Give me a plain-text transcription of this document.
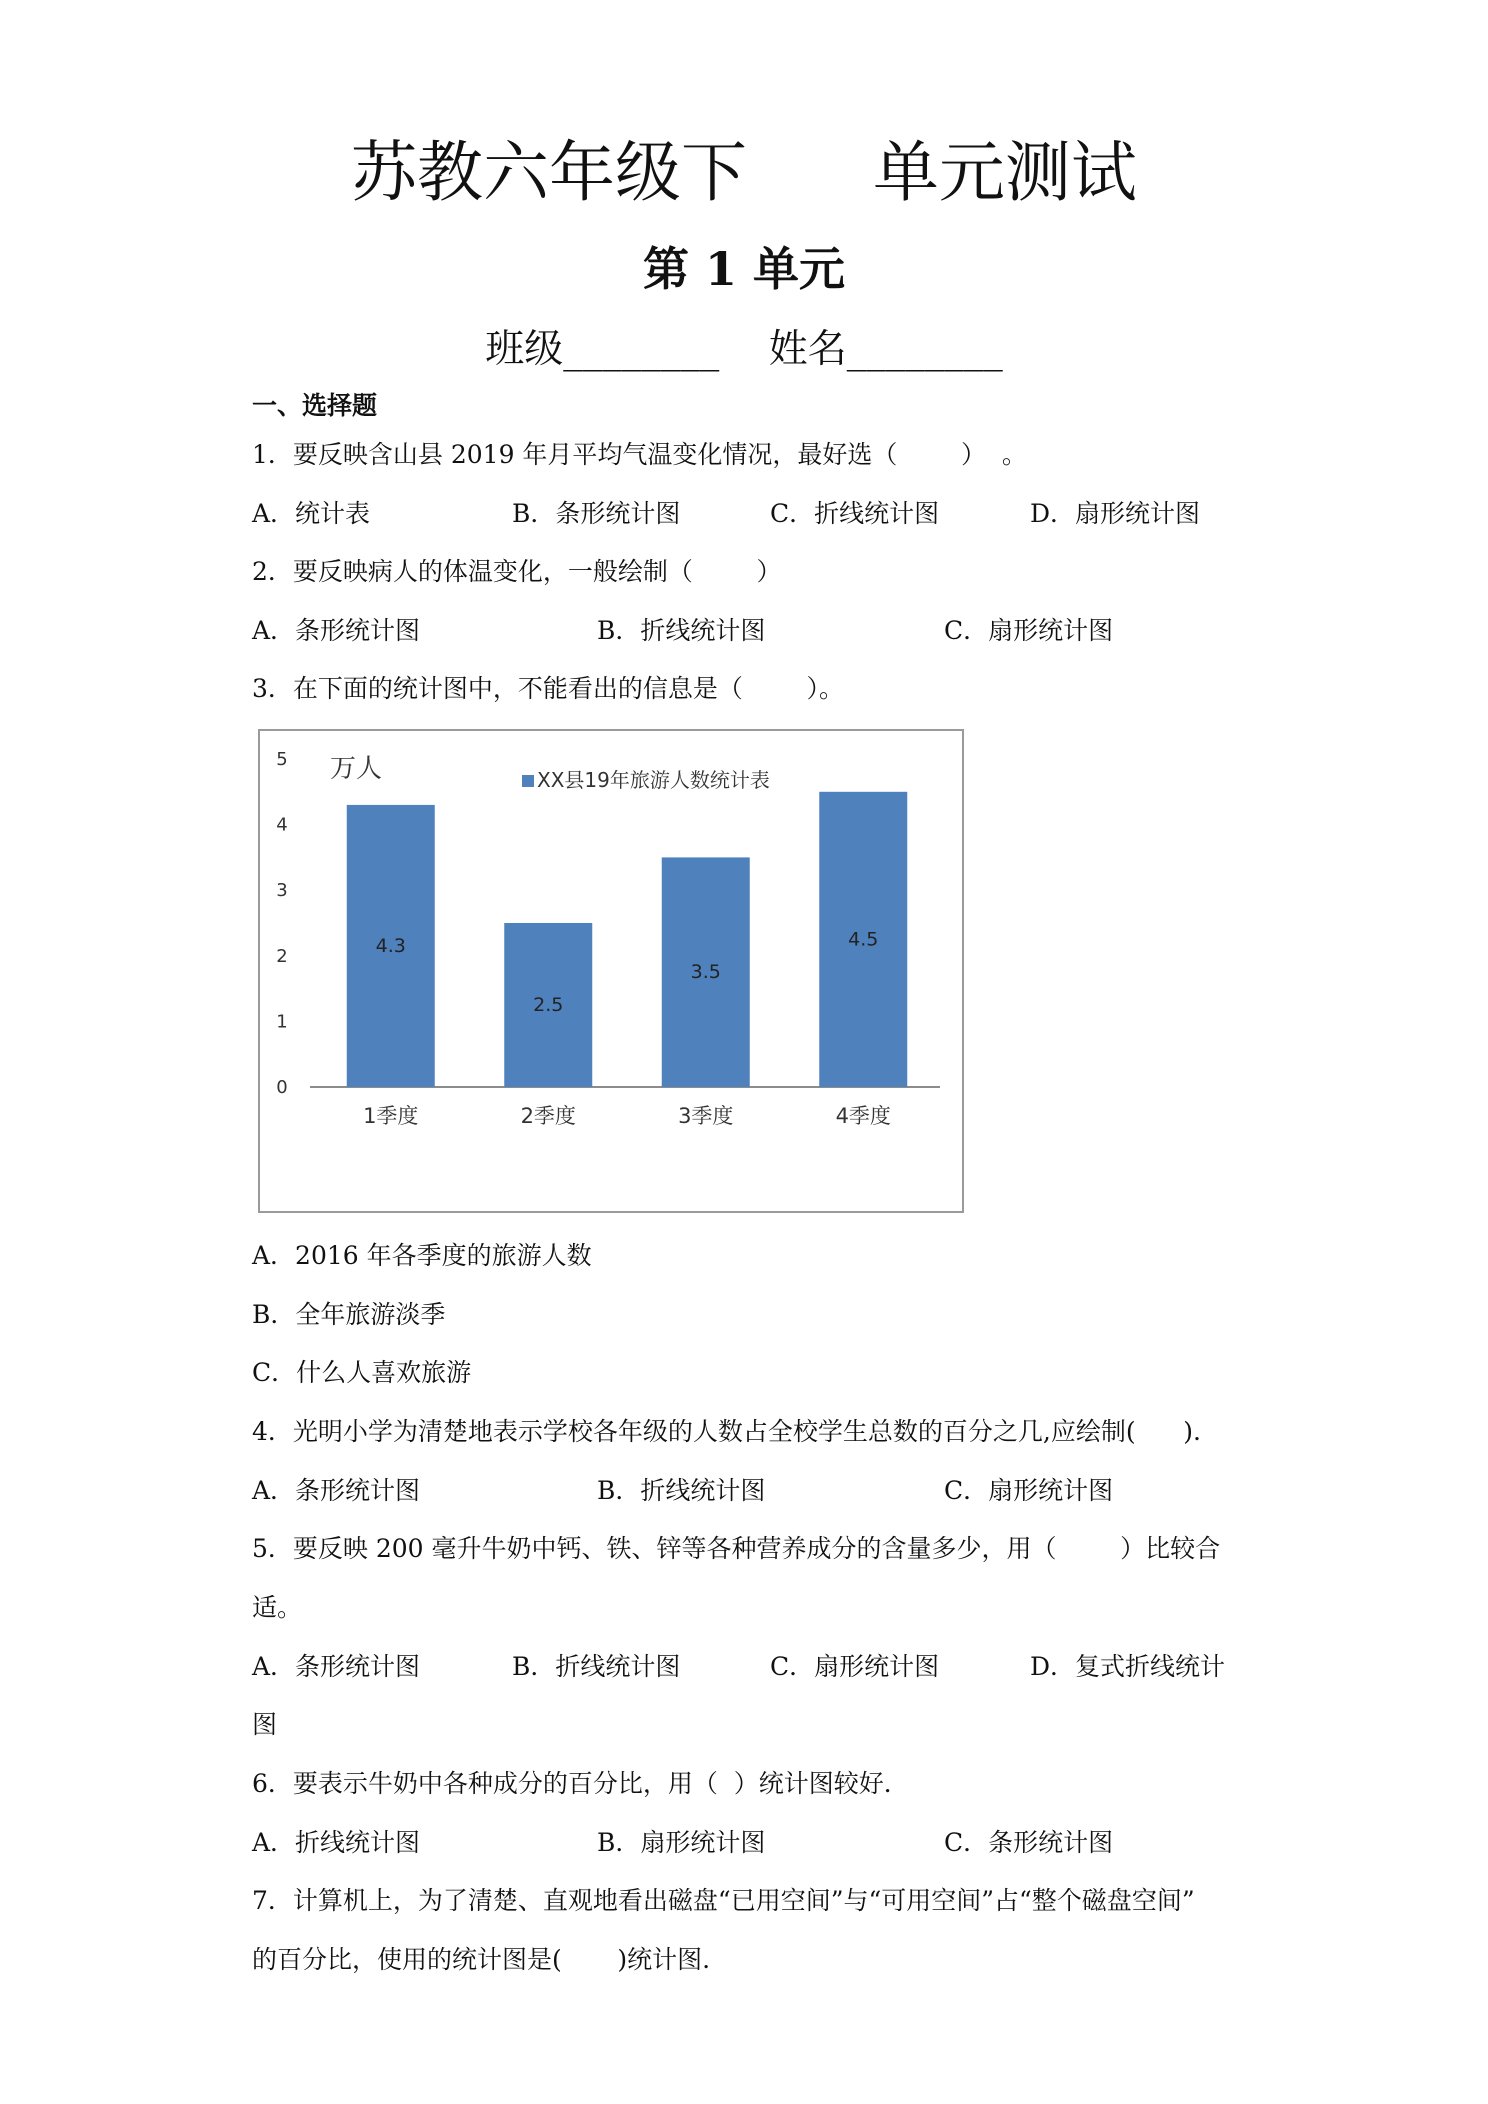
苏教六年级下      单元测试
第 1 单元
班级________    姓名________
一、选择题
1．要反映含山县 2019 年月平均气温变化情况，最好选（        ）  。
A．统计表	B．条形统计图	C．折线统计图	D．扇形统计图
2．要反映病人的体温变化，一般绘制（        ）
A．条形统计图	B．折线统计图	C．扇形统计图
3．在下面的统计图中，不能看出的信息是（        ）。
0
1
2
3
4
5 万人	XX县19年旅游人数统计表
4.3
1季度
2.5
2季度
3.5
3季度
4.5
4季度
A．2016 年各季度的旅游人数
B．全年旅游淡季
C．什么人喜欢旅游
4．光明小学为清楚地表示学校各年级的人数占全校学生总数的百分之几,应绘制(      ).
A．条形统计图	B．折线统计图	C．扇形统计图
5．要反映 200 毫升牛奶中钙、铁、锌等各种营养成分的含量多少，用（        ）比较合
适。
A．条形统计图	B．折线统计图	C．扇形统计图	D．复式折线统计
图
6．要表示牛奶中各种成分的百分比，用（  ）统计图较好．
A．折线统计图	B．扇形统计图	C．条形统计图
7．计算机上，为了清楚、直观地看出磁盘“已用空间”与“可用空间”占“整个磁盘空间”
的百分比，使用的统计图是(       )统计图.
